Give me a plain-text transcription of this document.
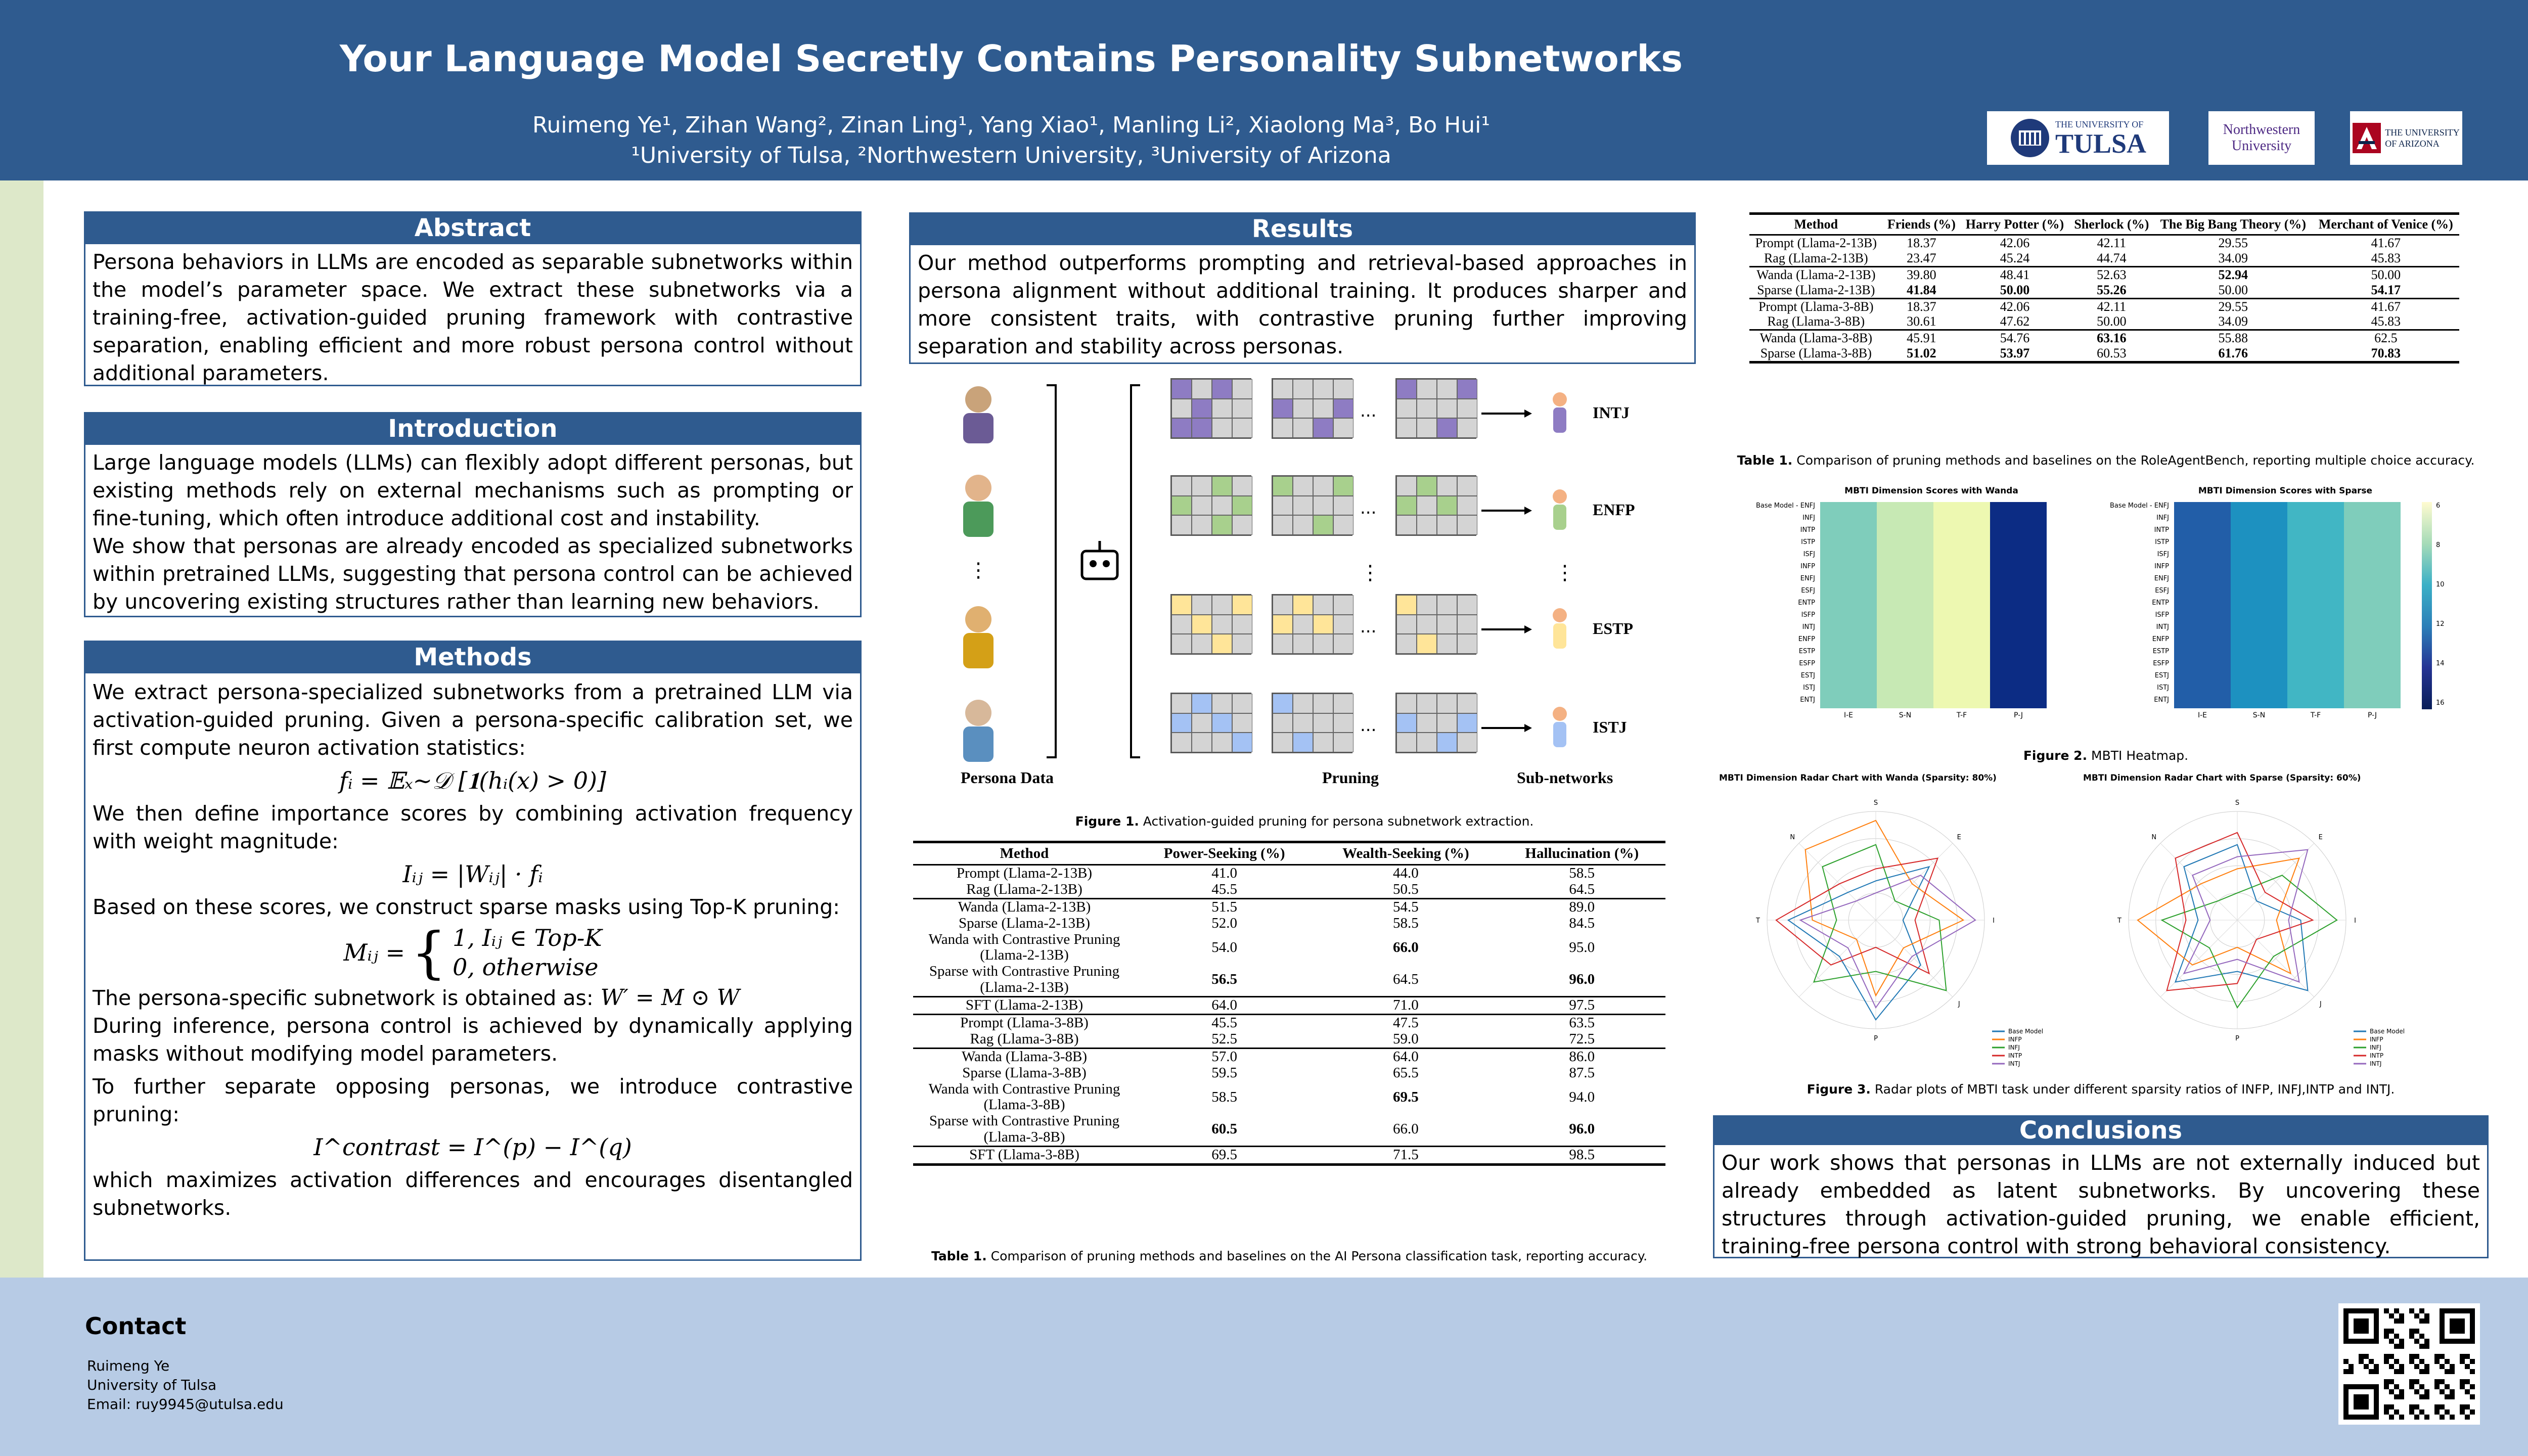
Your Language Model Secretly Contains Personality Subnetworks
Ruimeng Ye¹, Zihan Wang², Zinan Ling¹, Yang Xiao¹, Manling Li², Xiaolong Ma³, Bo Hui¹
¹University of Tulsa, ²Northwestern University, ³University of Arizona
THE UNIVERSITY OF
TULSA	Northwestern
University
THE UNIVERSITY
OF ARIZONA
Abstract
Persona behaviors in LLMs are encoded as separable subnetworks within the model’s parameter space. We extract these subnetworks via a training-free, activation-guided pruning framework with contrastive separation, enabling efficient and more robust persona control without additional parameters.
Introduction
Large language models (LLMs) can flexibly adopt different personas, but existing methods rely on external mechanisms such as prompting or fine-tuning, which often introduce additional cost and instability.
We show that personas are already encoded as specialized subnetworks within pretrained LLMs, suggesting that persona control can be achieved by uncovering existing structures rather than learning new behaviors.
Methods
We extract persona-specialized subnetworks from a pretrained LLM via activation-guided pruning. Given a persona-specific calibration set, we first compute neuron activation statistics:
fᵢ = 𝔼ₓ∼𝒟 [𝟏(hᵢ(x) > 0)]
We then define importance scores by combining activation frequency with weight magnitude:
Iᵢⱼ = |Wᵢⱼ| · fᵢ
Based on these scores, we construct sparse masks using Top-K pruning:
Mᵢⱼ = { 1, Iᵢⱼ ∈ Top-K
0, otherwise
The persona-specific subnetwork is obtained as: W′ = M ⊙ W
During inference, persona control is achieved by dynamically applying masks without modifying model parameters.
To further separate opposing personas, we introduce contrastive pruning:
I^contrast = I^(p) − I^(q)
which maximizes activation differences and encourages disentangled subnetworks.
Results
Our method outperforms prompting and retrieval-based approaches in persona alignment without additional training. It produces sharper and more consistent traits, with contrastive pruning further improving separation and stability across personas.
⋮
...	INTJ
...	ENFP
...	ESTP
...	ISTJ
⋮	⋮
Persona Data	Pruning	Sub-networks
Figure 1. Activation-guided pruning for persona subnetwork extraction.
Method	Power-Seeking (%)	Wealth-Seeking (%)	Hallucination (%)
Prompt (Llama-2-13B)	41.0	44.0	58.5
Rag (Llama-2-13B)	45.5	50.5	64.5
Wanda (Llama-2-13B)	51.5	54.5	89.0
Sparse (Llama-2-13B)	52.0	58.5	84.5
Wanda with Contrastive Pruning (Llama-2-13B)	54.0	66.0	95.0
Sparse with Contrastive Pruning (Llama-2-13B)	56.5	64.5	96.0
SFT (Llama-2-13B)	64.0	71.0	97.5
Prompt (Llama-3-8B)	45.5	47.5	63.5
Rag (Llama-3-8B)	52.5	59.0	72.5
Wanda (Llama-3-8B)	57.0	64.0	86.0
Sparse (Llama-3-8B)	59.5	65.5	87.5
Wanda with Contrastive Pruning (Llama-3-8B)	58.5	69.5	94.0
Sparse with Contrastive Pruning (Llama-3-8B)	60.5	66.0	96.0
SFT (Llama-3-8B)	69.5	71.5	98.5
Table 1. Comparison of pruning methods and baselines on the AI Persona classification task, reporting accuracy.
Method	Friends (%)	Harry Potter (%)	Sherlock (%)	The Big Bang Theory (%)	Merchant of Venice (%)
Prompt (Llama-2-13B)	18.37	42.06	42.11	29.55	41.67
Rag (Llama-2-13B)	23.47	45.24	44.74	34.09	45.83
Wanda (Llama-2-13B)	39.80	48.41	52.63	52.94	50.00
Sparse (Llama-2-13B)	41.84	50.00	55.26	50.00	54.17
Prompt (Llama-3-8B)	18.37	42.06	42.11	29.55	41.67
Rag (Llama-3-8B)	30.61	47.62	50.00	34.09	45.83
Wanda (Llama-3-8B)	45.91	54.76	63.16	55.88	62.5
Sparse (Llama-3-8B)	51.02	53.97	60.53	61.76	70.83
Table 1. Comparison of pruning methods and baselines on the RoleAgentBench, reporting multiple choice accuracy.
MBTI Dimension Scores with Wanda	MBTI Dimension Scores with Sparse
Base Model - ENFJ
INFJ
INTP
ISTP
ISFJ
INFP
ENFJ
ESFJ
ENTP
ISFP
INTJ
ENFP
ESTP
ESFP
ESTJ
ISTJ
ENTJ
I-E	S-N	T-F	P-J
Base Model - ENFJ
INFJ
INTP
ISTP
ISFJ
INFP
ENFJ
ESFJ
ENTP
ISFP
INTJ
ENFP
ESTP
ESFP
ESTJ
ISTJ
ENTJ
I-E	S-N	T-F	P-J
6
8
10
12
14
16
Figure 2. MBTI Heatmap.
MBTI Dimension Radar Chart with Wanda (Sparsity: 80%)	MBTI Dimension Radar Chart with Sparse (Sparsity: 60%)
S
E
I
J
P
T
N
Base Model
INFP
INFJ
INTP
INTJ
S
E
I
J
P
T
N
Base Model
INFP
INFJ
INTP
INTJ
Figure 3. Radar plots of MBTI task under different sparsity ratios of INFP, INFJ,INTP and INTJ.
Conclusions
Our work shows that personas in LLMs are not externally induced but already embedded as latent subnetworks. By uncovering these structures through activation-guided pruning, we enable efficient, training-free persona control with strong behavioral consistency.
Contact
Ruimeng Ye
University of Tulsa
Email: ruy9945@utulsa.edu
